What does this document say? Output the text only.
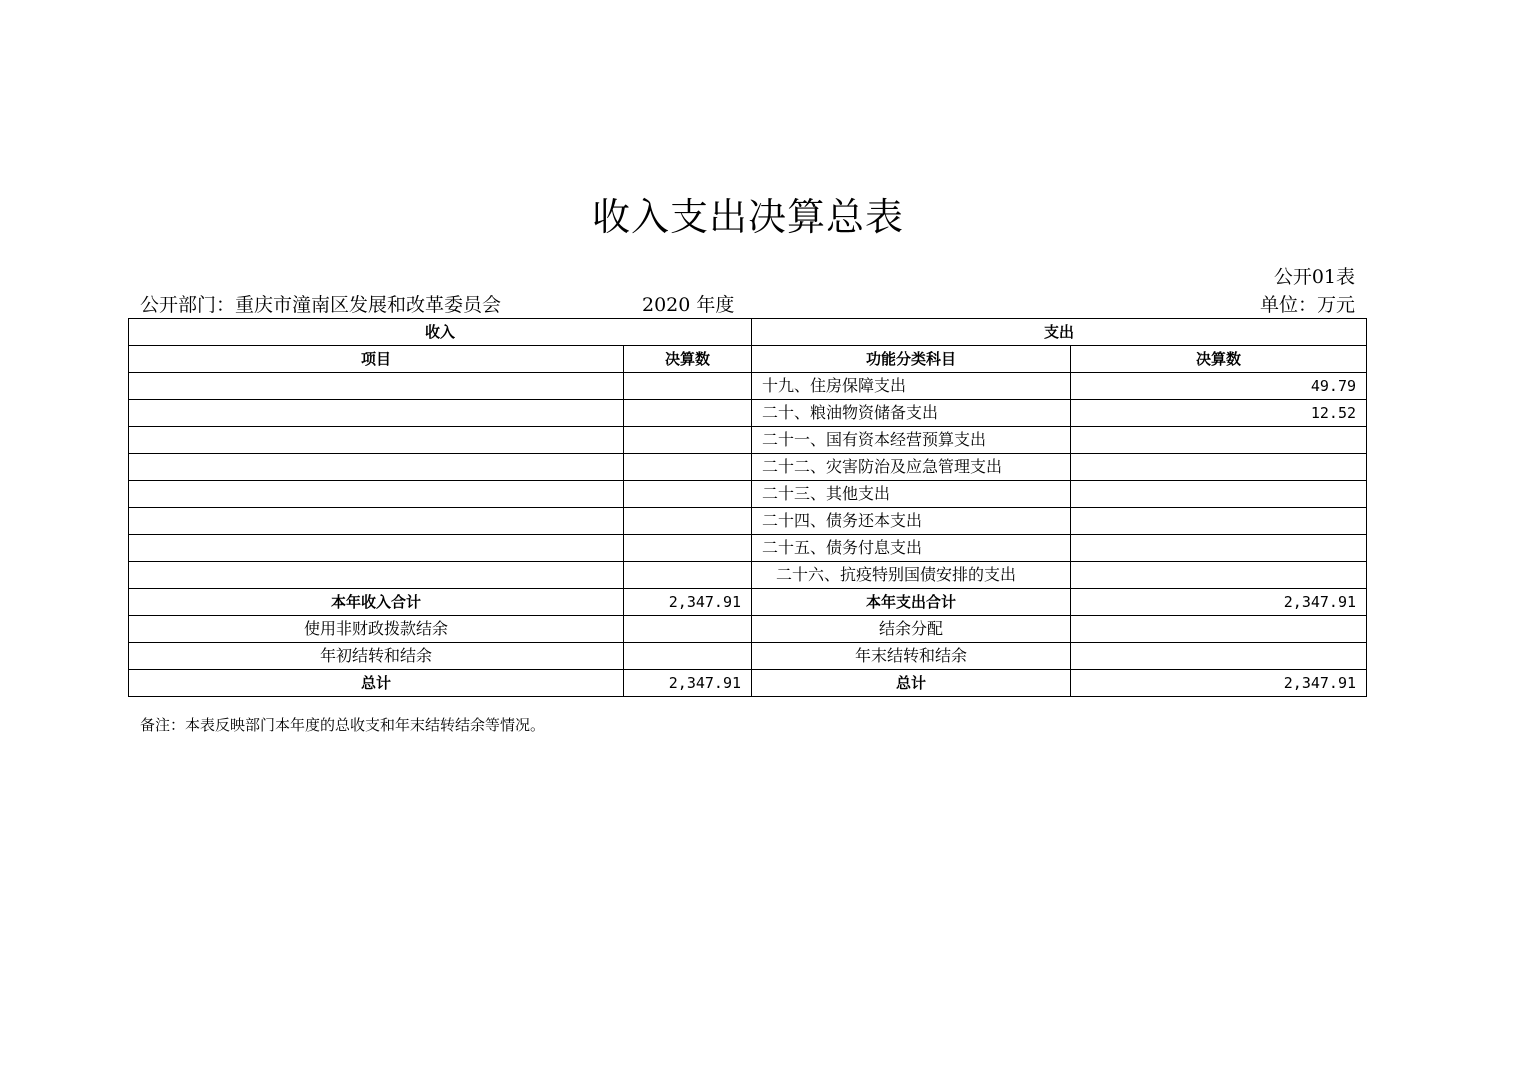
收入支出决算总表
公开01表
公开部门：重庆市潼南区发展和改革委员会	2020 年度	单位：万元
收入		支出	
项目	决算数	功能分类科目	决算数
		十九、住房保障支出	49.79
		二十、粮油物资储备支出	12.52
		二十一、国有资本经营预算支出	
		二十二、灾害防治及应急管理支出	
		二十三、其他支出	
		二十四、债务还本支出	
		二十五、债务付息支出	
		二十六、抗疫特别国债安排的支出	
本年收入合计	2,347.91	本年支出合计	2,347.91
使用非财政拨款结余		结余分配	
年初结转和结余		年末结转和结余	
总计	2,347.91	总计	2,347.91
备注：本表反映部门本年度的总收支和年末结转结余等情况。
